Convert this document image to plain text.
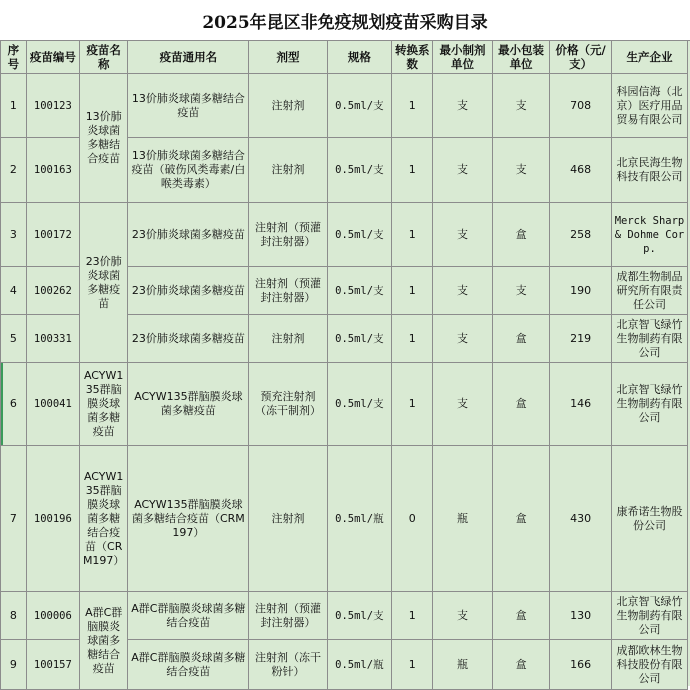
2025年昆区非免疫规划疫苗采购目录
序号	疫苗编号	疫苗名称	疫苗通用名	剂型	规格	转换系数	最小制剂单位	最小包装单位	价格（元/支）	生产企业
1	100123	13价肺炎球菌多糖结合疫苗	13价肺炎球菌多糖结合疫苗	注射剂	0.5ml/支	1	支	支	708	科园信海（北京）医疗用品贸易有限公司
2	100163		13价肺炎球菌多糖结合疫苗（破伤风类毒素/白喉类毒素）	注射剂	0.5ml/支	1	支	支	468	北京民海生物科技有限公司
3	100172	23价肺炎球菌多糖疫苗	23价肺炎球菌多糖疫苗	注射剂（预灌封注射器）	0.5ml/支	1	支	盒	258	Merck Sharp & Dohme Corp.
4	100262		23价肺炎球菌多糖疫苗	注射剂（预灌封注射器）	0.5ml/支	1	支	支	190	成都生物制品研究所有限责任公司
5	100331		23价肺炎球菌多糖疫苗	注射剂	0.5ml/支	1	支	盒	219	北京智飞绿竹生物制药有限公司
6	100041	ACYW135群脑膜炎球菌多糖疫苗	ACYW135群脑膜炎球菌多糖疫苗	预充注射剂（冻干制剂）	0.5ml/支	1	支	盒	146	北京智飞绿竹生物制药有限公司
7	100196	ACYW135群脑膜炎球菌多糖结合疫苗（CRM197）	ACYW135群脑膜炎球菌多糖结合疫苗（CRM197）	注射剂	0.5ml/瓶	0	瓶	盒	430	康希诺生物股份公司
8	100006	A群C群脑膜炎球菌多糖结合疫苗	A群C群脑膜炎球菌多糖结合疫苗	注射剂（预灌封注射器）	0.5ml/支	1	支	盒	130	北京智飞绿竹生物制药有限公司
9	100157		A群C群脑膜炎球菌多糖结合疫苗	注射剂（冻干粉针）	0.5ml/瓶	1	瓶	盒	166	成都欧林生物科技股份有限公司
